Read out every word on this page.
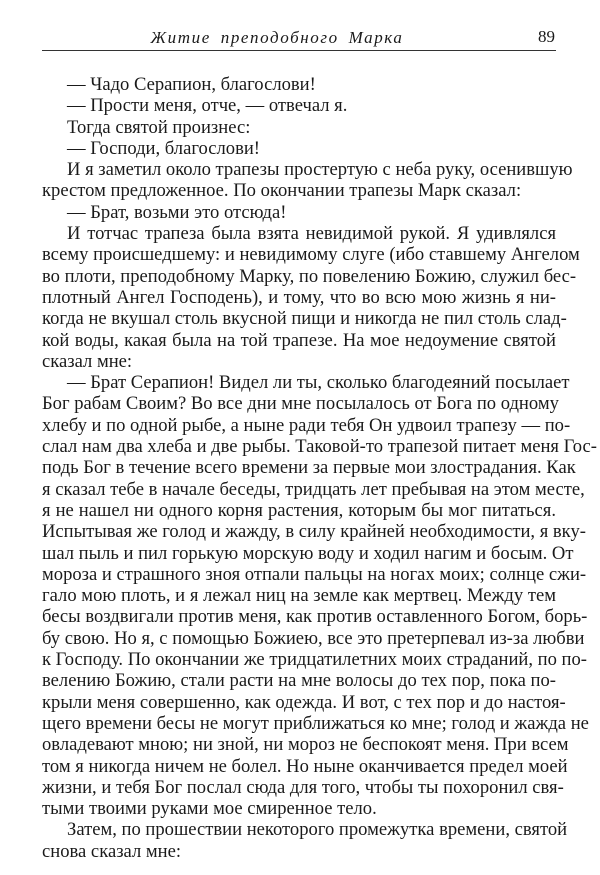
Житие преподобного Марка	89
— Чадо Серапион, благослови!
— Прости меня, отче, — отвечал я.
Тогда святой произнес:
— Господи, благослови!
И я заметил около трапезы простертую с неба руку, осенившую
крестом предложенное. По окончании трапезы Марк сказал:
— Брат, возьми это отсюда!
И тотчас трапеза была взята невидимой рукой. Я удивлялся
всему происшедшему: и невидимому слуге (ибо ставшему Ангелом
во плоти, преподобному Марку, по повелению Божию, служил бес-
плотный Ангел Господень), и тому, что во всю мою жизнь я ни-
когда не вкушал столь вкусной пищи и никогда не пил столь слад-
кой воды, какая была на той трапезе. На мое недоумение святой
сказал мне:
— Брат Серапион! Видел ли ты, сколько благодеяний посылает
Бог рабам Своим? Во все дни мне посылалось от Бога по одному
хлебу и по одной рыбе, а ныне ради тебя Он удвоил трапезу — по-
слал нам два хлеба и две рыбы. Таковой-то трапезой питает меня Гос-
подь Бог в течение всего времени за первые мои злострадания. Как
я сказал тебе в начале беседы, тридцать лет пребывая на этом месте,
я не нашел ни одного корня растения, которым бы мог питаться.
Испытывая же голод и жажду, в силу крайней необходимости, я вку-
шал пыль и пил горькую морскую воду и ходил нагим и босым. От
мороза и страшного зноя отпали пальцы на ногах моих; солнце сжи-
гало мою плоть, и я лежал ниц на земле как мертвец. Между тем
бесы воздвигали против меня, как против оставленного Богом, борь-
бу свою. Но я, с помощью Божиею, все это претерпевал из-за любви
к Господу. По окончании же тридцатилетних моих страданий, по по-
велению Божию, стали расти на мне волосы до тех пор, пока по-
крыли меня совершенно, как одежда. И вот, с тех пор и до настоя-
щего времени бесы не могут приближаться ко мне; голод и жажда не
овладевают мною; ни зной, ни мороз не беспокоят меня. При всем
том я никогда ничем не болел. Но ныне оканчивается предел моей
жизни, и тебя Бог послал сюда для того, чтобы ты похоронил свя-
тыми твоими руками мое смиренное тело.
Затем, по прошествии некоторого промежутка времени, святой
снова сказал мне:
